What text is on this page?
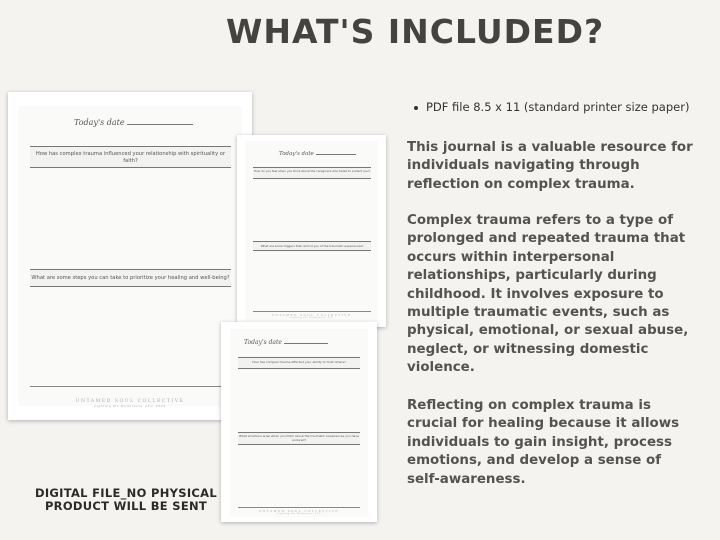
WHAT'S INCLUDED?
Today's date
How has complex trauma influenced your relationship with spirituality or faith?
What are some steps you can take to prioritize your healing and well-being?
UNTAMED SOUL COLLECTIVE
Lighting the Wilderness, LLC, 2023
Today's date
How do you feel when you think about the caregivers who failed to protect you?
What are some triggers that remind you of the traumatic experiences?
UNTAMED SOUL COLLECTIVE
Lighting the Wilderness, LLC
Today's date
How has complex trauma affected your ability to trust others?
What emotions arise when you think about the traumatic experiences you have endured?
UNTAMED SOUL COLLECTIVE
Lighting the Wilderness, LLC
PDF file 8.5 x 11 (standard printer size paper)
This journal is a valuable resource for individuals navigating through reflection on complex trauma.
Complex trauma refers to a type of prolonged and repeated trauma that occurs within interpersonal relationships, particularly during childhood. It involves exposure to multiple traumatic events, such as physical, emotional, or sexual abuse, neglect, or witnessing domestic violence.
Reflecting on complex trauma is crucial for healing because it allows individuals to gain insight, process emotions, and develop a sense of self-awareness.
DIGITAL FILE_NO PHYSICAL PRODUCT WILL BE SENT
